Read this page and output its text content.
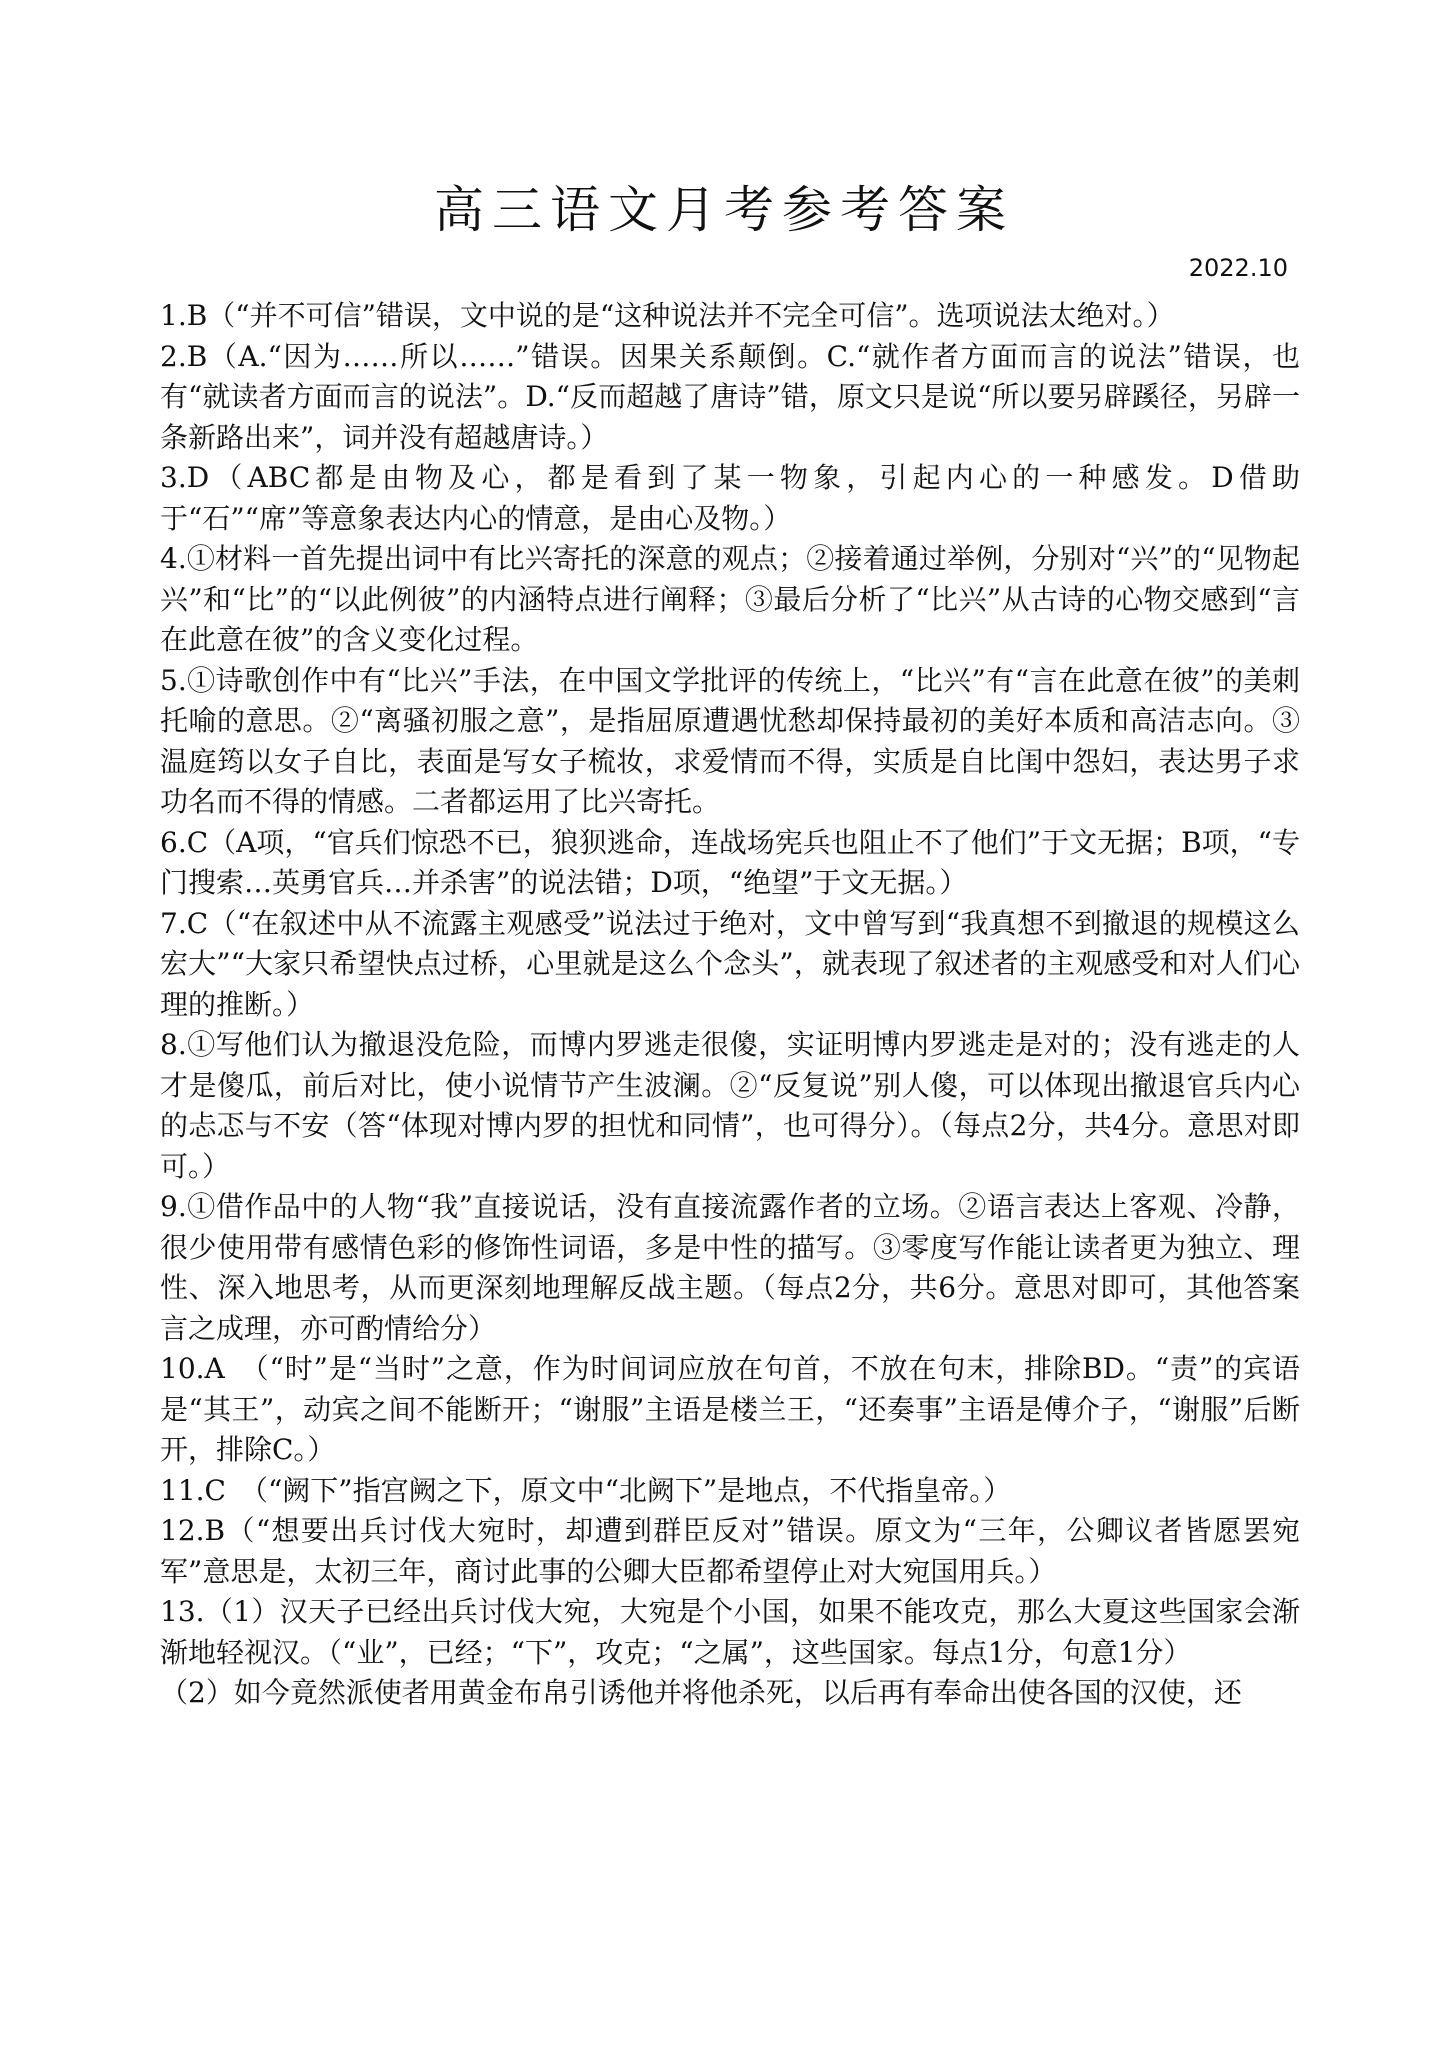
高三语文月考参考答案
2022.10

1.B（“并不可信”错误，文中说的是“这种说法并不完全可信”。选项说法太绝对。）

2.B（A.“因为……所以……”错误。因果关系颠倒。C.“就作者方面而言的说法”错误，也有“就读者方面而言的说法”。D.“反而超越了唐诗”错，原文只是说“所以要另辟蹊径，另辟一条新路出来”，词并没有超越唐诗。）

3.D（ABC都是由物及心，都是看到了某一物象，引起内心的一种感发。D借助于“石”“席”等意象表达内心的情意，是由心及物。）

4.①材料一首先提出词中有比兴寄托的深意的观点；②接着通过举例，分别对“兴”的“见物起兴”和“比”的“以此例彼”的内涵特点进行阐释；③最后分析了“比兴”从古诗的心物交感到“言在此意在彼”的含义变化过程。

5.①诗歌创作中有“比兴”手法，在中国文学批评的传统上，“比兴”有“言在此意在彼”的美刺托喻的意思。②“离骚初服之意”，是指屈原遭遇忧愁却保持最初的美好本质和高洁志向。③温庭筠以女子自比，表面是写女子梳妆，求爱情而不得，实质是自比闺中怨妇，表达男子求功名而不得的情感。二者都运用了比兴寄托。

6.C（A项，“官兵们惊恐不已，狼狈逃命，连战场宪兵也阻止不了他们”于文无据；B项，“专门搜索…英勇官兵…并杀害”的说法错；D项，“绝望”于文无据。）

7.C（“在叙述中从不流露主观感受”说法过于绝对，文中曾写到“我真想不到撤退的规模这么宏大”“大家只希望快点过桥，心里就是这么个念头”，就表现了叙述者的主观感受和对人们心理的推断。）

8.①写他们认为撤退没危险，而博内罗逃走很傻，实证明博内罗逃走是对的；没有逃走的人才是傻瓜，前后对比，使小说情节产生波澜。②“反复说”别人傻，可以体现出撤退官兵内心的忐忑与不安（答“体现对博内罗的担忧和同情”，也可得分）。（每点2分，共4分。意思对即可。）

9.①借作品中的人物“我”直接说话，没有直接流露作者的立场。②语言表达上客观、冷静，很少使用带有感情色彩的修饰性词语，多是中性的描写。③零度写作能让读者更为独立、理性、深入地思考，从而更深刻地理解反战主题。（每点2分，共6分。意思对即可，其他答案言之成理，亦可酌情给分）

10.A　（“时”是“当时”之意，作为时间词应放在句首，不放在句末，排除BD。“责”的宾语是“其王”，动宾之间不能断开；“谢服”主语是楼兰王，“还奏事”主语是傅介子，“谢服”后断开，排除C。）

11.C　（“阙下”指宫阙之下，原文中“北阙下”是地点，不代指皇帝。）

12.B（“想要出兵讨伐大宛时，却遭到群臣反对”错误。原文为“三年，公卿议者皆愿罢宛军”意思是，太初三年，商讨此事的公卿大臣都希望停止对大宛国用兵。）

13.（1）汉天子已经出兵讨伐大宛，大宛是个小国，如果不能攻克，那么大夏这些国家会渐渐地轻视汉。（“业”，已经；“下”，攻克；“之属”，这些国家。每点1分，句意1分）

（2）如今竟然派使者用黄金布帛引诱他并将他杀死，以后再有奉命出使各国的汉使，还
